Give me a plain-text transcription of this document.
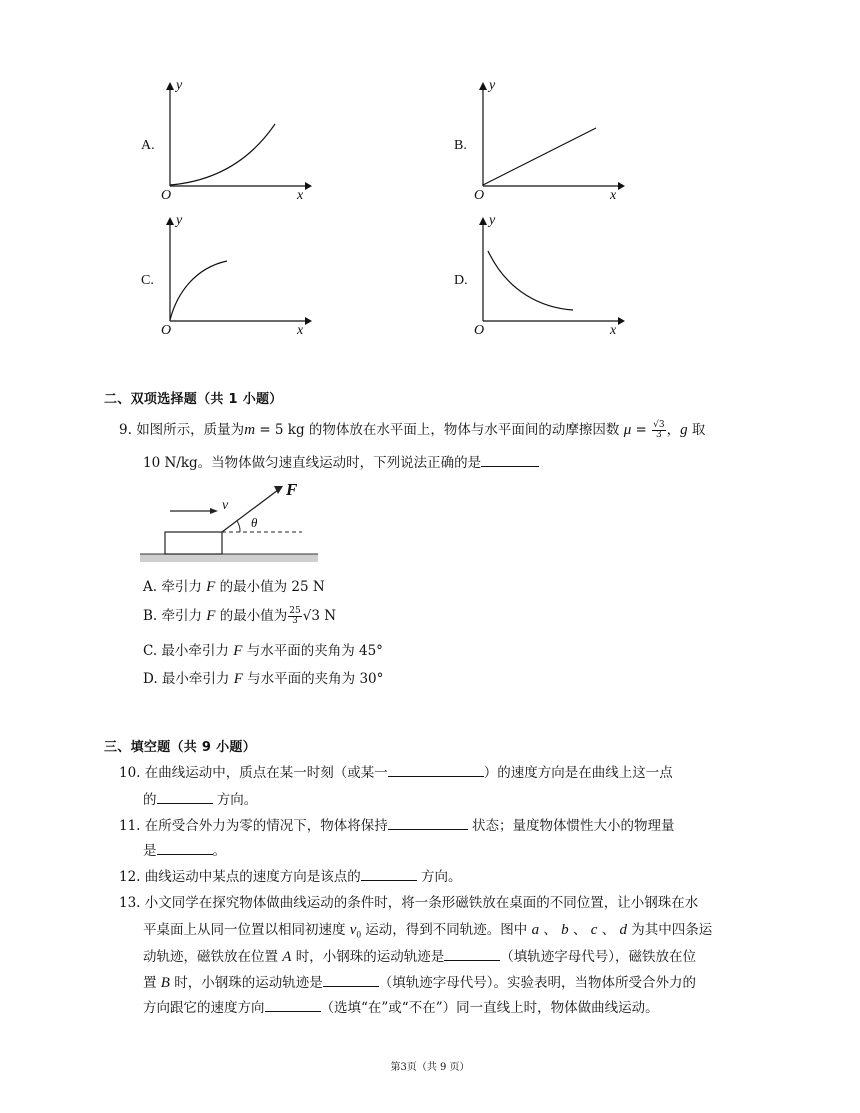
A.
y
x
O
B.
y
x
O
C.
y
x
O
D.
y
x
O
二、双项选择题（共 1 小题）
9. 如图所示，质量为m = 5 kg 的物体放在水平面上，物体与水平面间的动摩擦因数 $\mu = \frac{√3}{3}$ ，g 取
10 N/kg。当物体做匀速直线运动时，下列说法正确的是
F
v
θ
A. 牵引力 F 的最小值为 25 N
B. 牵引力 F 的最小值为 $\frac{25}{3} √3$ N
C. 最小牵引力 F 与水平面的夹角为 45°
D. 最小牵引力 F 与水平面的夹角为 30°
三、填空题（共 9 小题）
10. 在曲线运动中，质点在某一时刻（或某一	）的速度方向是在曲线上这一点
的	方向。
11. 在所受合外力为零的情况下，物体将保持	状态；量度物体惯性大小的物理量
是	。
12. 曲线运动中某点的速度方向是该点的	方向。
13. 小文同学在探究物体做曲线运动的条件时，将一条形磁铁放在桌面的不同位置，让小钢珠在水
平桌面上从同一位置以相同初速度 $v_0$ 运动，得到不同轨迹。图中 a 、 b 、 c 、 d 为其中四条运
动轨迹，磁铁放在位置 A 时，小钢珠的运动轨迹是	（填轨迹字母代号），磁铁放在位
置 B 时，小钢珠的运动轨迹是	（填轨迹字母代号）。实验表明，当物体所受合外力的
方向跟它的速度方向	（选填“在”或“不在”）同一直线上时，物体做曲线运动。
第3页（共 9 页）
